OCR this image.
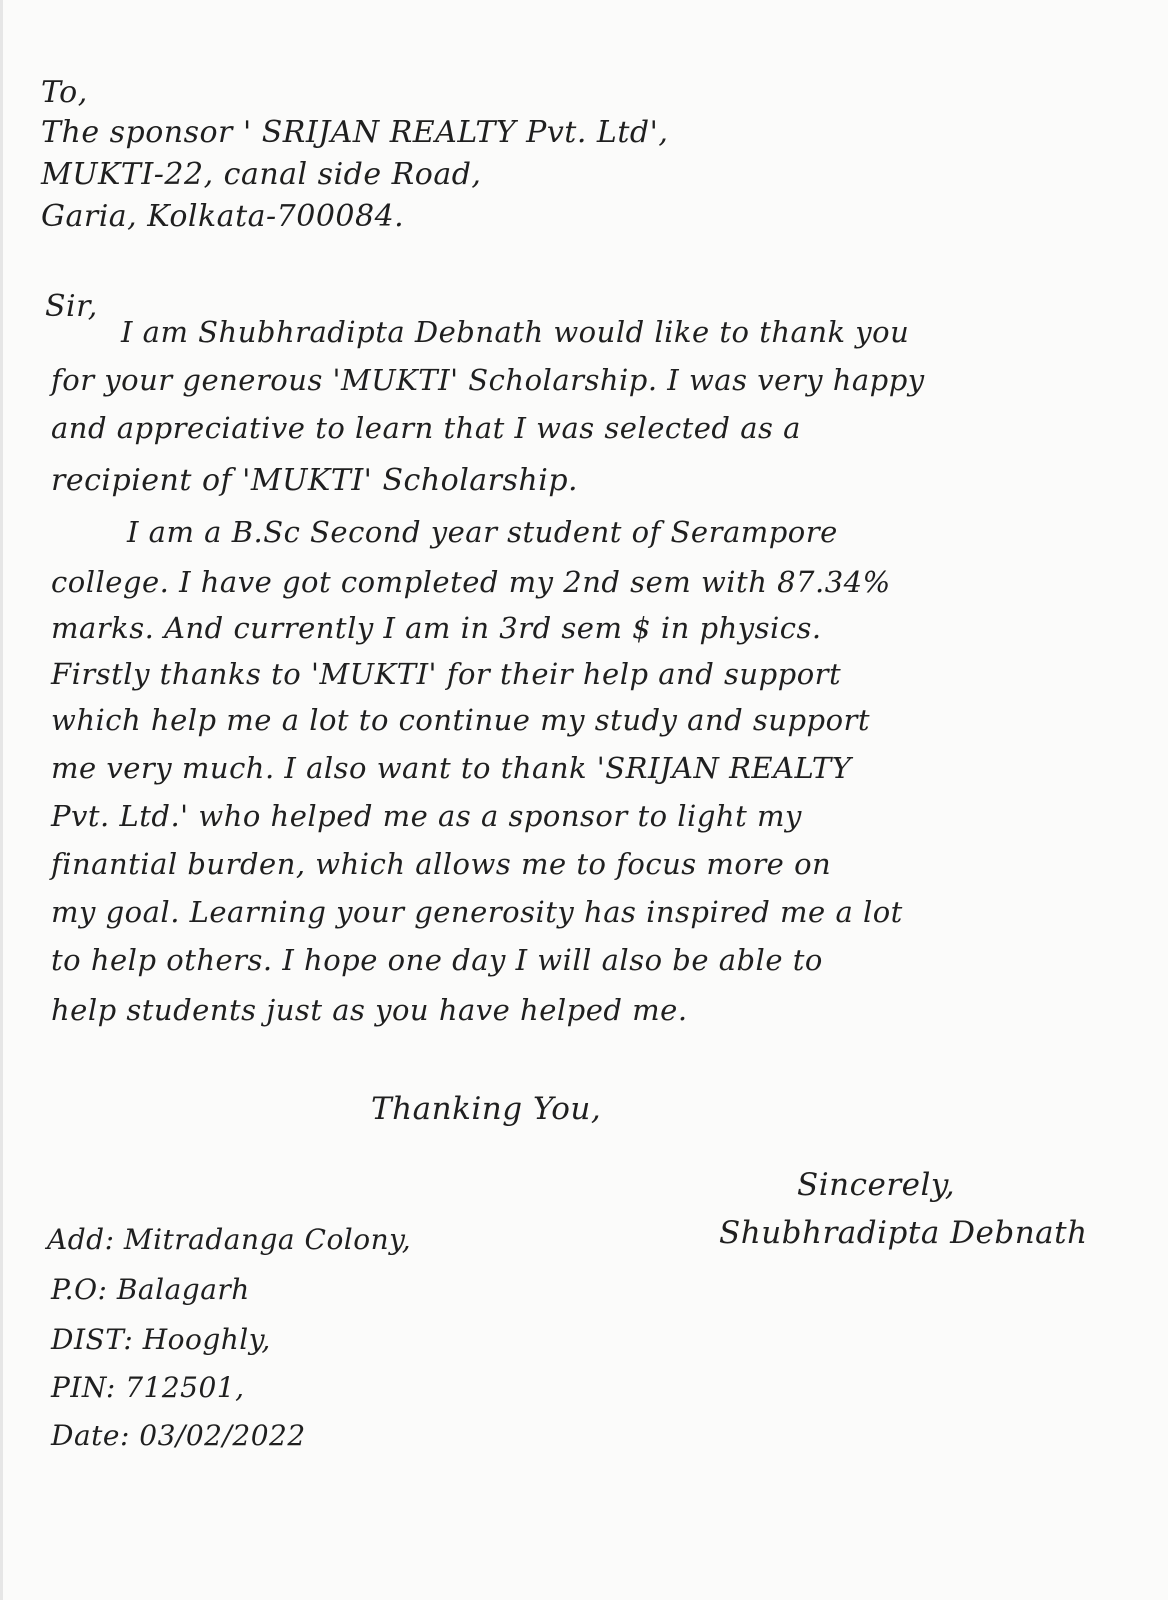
To,
The sponsor ' SRIJAN REALTY Pvt. Ltd',
MUKTI-22, canal side Road,
Garia, Kolkata-700084.
Sir,
I am Shubhradipta Debnath would like to thank you
for your generous 'MUKTI' Scholarship. I was very happy
and appreciative to learn that I was selected as a
recipient of 'MUKTI' Scholarship.
I am a B.Sc Second year student of Serampore
college. I have got completed my 2nd sem with 87.34%
marks. And currently I am in 3rd sem $ in physics.
Firstly thanks to 'MUKTI' for their help and support
which help me a lot to continue my study and support
me very much. I also want to thank 'SRIJAN REALTY
Pvt. Ltd.' who helped me as a sponsor to light my
finantial burden, which allows me to focus more on
my goal. Learning your generosity has inspired me a lot
to help others. I hope one day I will also be able to
help students just as you have helped me.
Thanking You,
Sincerely,
Shubhradipta Debnath
Add: Mitradanga Colony,
P.O: Balagarh
DIST: Hooghly,
PIN: 712501,
Date: 03/02/2022
